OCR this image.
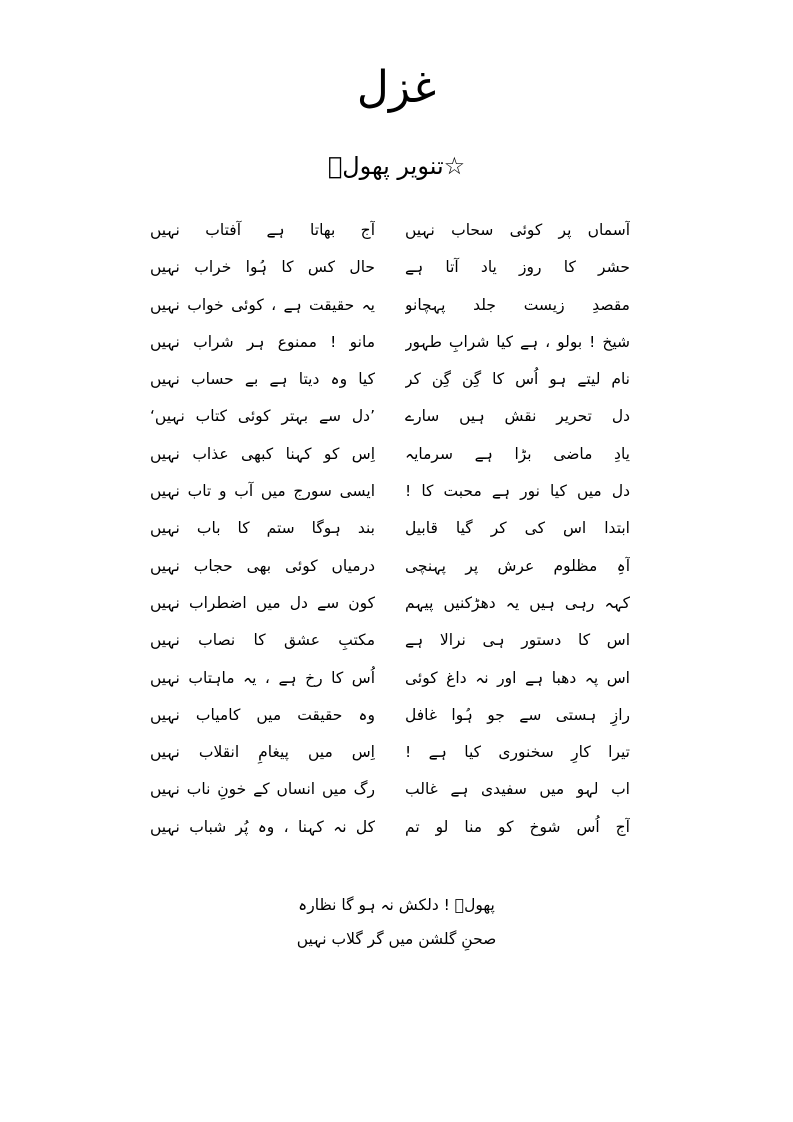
غزل
☆تنویر پھولؔ
آسماں پر کوئی سحاب نہیں
آج بھاتا ہے آفتاب نہیں
حشر کا روز یاد آتا ہے
حال کس کا ہُوا خراب نہیں
مقصدِ زیست جلد پہچانو
یہ حقیقت ہے ، کوئی خواب نہیں
شیخ ! بولو ، ہے کیا شرابِ طہور
مانو ! ممنوع ہر شراب نہیں
نام لیتے ہو اُس کا گِن گِن کر
کیا وہ دیتا ہے بے حساب نہیں
دل تحریر نقش ہیں سارے
’دل سے بہتر کوئی کتاب نہیں‘
یادِ ماضی بڑا ہے سرمایہ
اِس کو کہنا کبھی عذاب نہیں
دل میں کیا نور ہے محبت کا !
ایسی سورج میں آب و تاب نہیں
ابتدا اس کی کر گیا قابیل
بند ہوگا ستم کا باب نہیں
آہِ مظلوم عرش پر پہنچی
درمیاں کوئی بھی حجاب نہیں
کہہ رہی ہیں یہ دھڑکنیں پیہم
کون سے دل میں اضطراب نہیں
اس کا دستور ہی نرالا ہے
مکتبِ عشق کا نصاب نہیں
اس پہ دھبا ہے اور نہ داغ کوئی
اُس کا رخ ہے ، یہ ماہتاب نہیں
رازِ ہستی سے جو ہُوا غافل
وہ حقیقت میں کامیاب نہیں
تیرا کارِ سخنوری کیا ہے !
اِس میں پیغامِ انقلاب نہیں
اب لہو میں سفیدی ہے غالب
رگ میں انساں کے خونِ ناب نہیں
آج اُس شوخ کو منا لو تم
کل نہ کہنا ، وہ پُر شباب نہیں
پھولؔ ! دلکش نہ ہو گا نظارہ
صحنِ گلشن میں گر گلاب نہیں
